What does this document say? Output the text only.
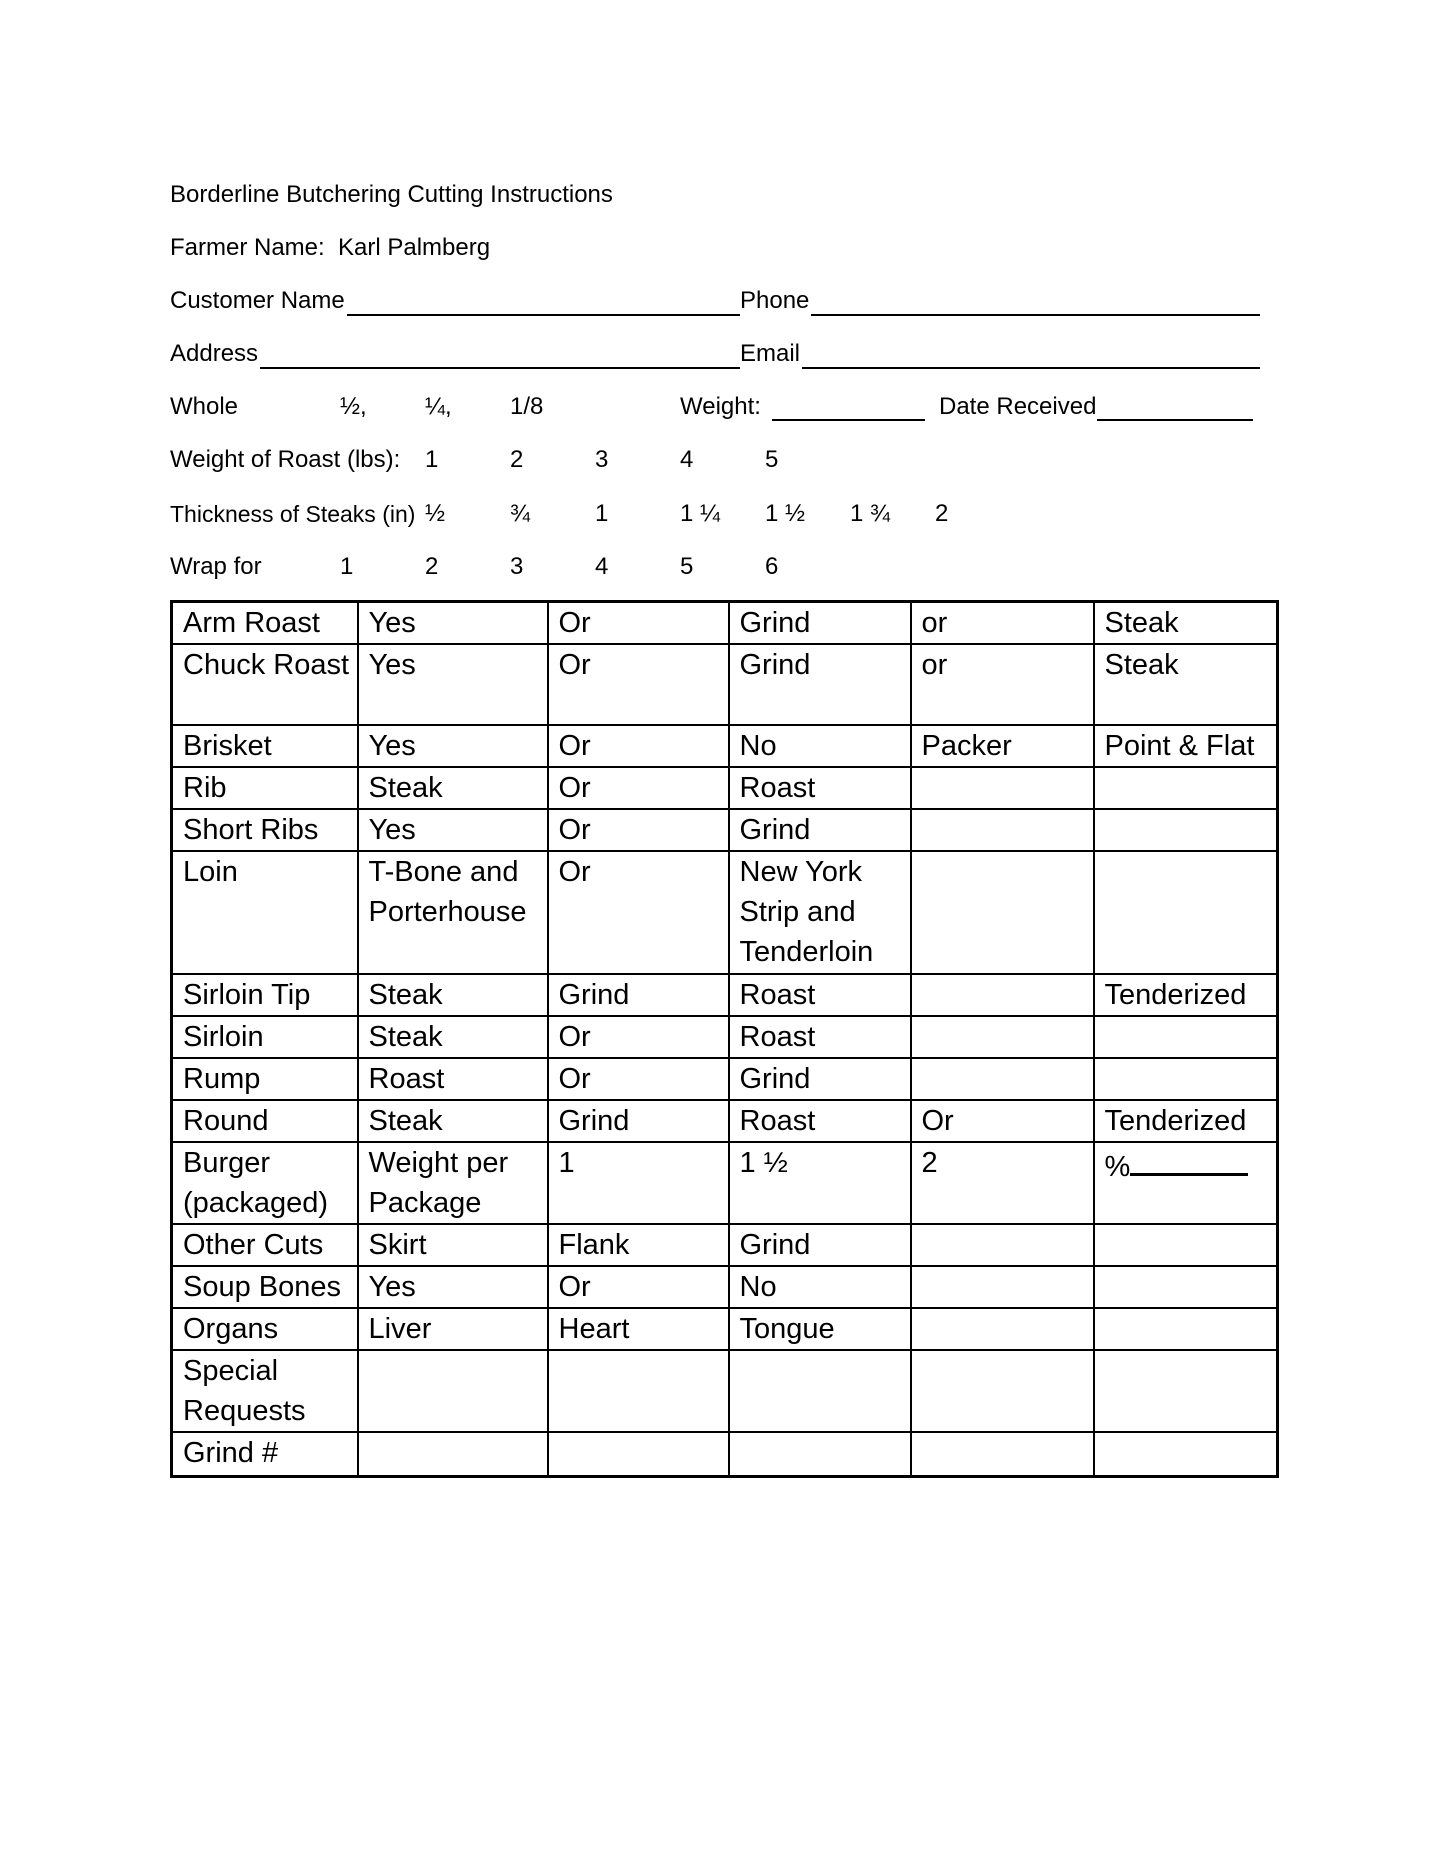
Borderline Butchering Cutting Instructions
Farmer Name:  Karl Palmberg
Customer Name	Phone
Address	Email

Whole

	½,

¼,

1/8

	Weight:

	Date Received

Weight of Roast (lbs):

1

	2

	3

	4

	5

Thickness of Steaks (in)

½

	¾

	1

	1 ¼

1 ½

1 ¾

2

Wrap for

	1

	2

	3

	4

	5

	6

Arm Roast	Yes	Or	Grind	or	Steak
Chuck Roast	Yes	Or	Grind	or	Steak
Brisket	Yes	Or	No	Packer	Point & Flat
Rib	Steak	Or	Roast		
Short Ribs	Yes	Or	Grind		
Loin	T-Bone and Porterhouse	Or	New York Strip and Tenderloin		
Sirloin Tip	Steak	Grind	Roast		Tenderized
Sirloin	Steak	Or	Roast		
Rump	Roast	Or	Grind		
Round	Steak	Grind	Roast	Or	Tenderized
Burger (packaged)	Weight per Package	1	1 ½	2	%
Other Cuts	Skirt	Flank	Grind		
Soup Bones	Yes	Or	No		
Organs	Liver	Heart	Tongue		
Special Requests					
Grind #					
